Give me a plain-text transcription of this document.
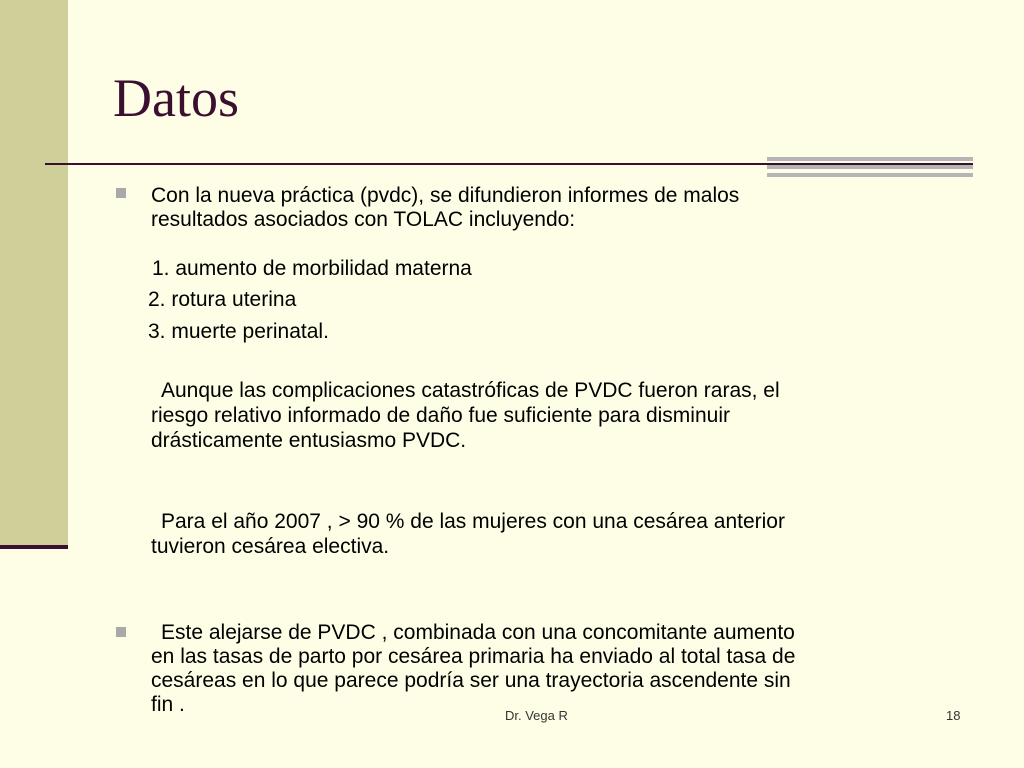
Datos

Con la nueva práctica (pvdc), se difundieron informes de malos

resultados asociados con TOLAC incluyendo:

1. aumento de morbilidad materna

2. rotura uterina

3. muerte perinatal.

Aunque las complicaciones catastróficas de PVDC fueron raras, el

riesgo relativo informado de daño fue suficiente para disminuir

drásticamente entusiasmo PVDC.

Para el año 2007 , > 90 % de las mujeres con una cesárea anterior

tuvieron cesárea electiva.

Este alejarse de PVDC , combinada con una concomitante aumento

en las tasas de parto por cesárea primaria ha enviado al total tasa de

cesáreas en lo que parece podría ser una trayectoria ascendente sin

fin .	Dr. Vega R	18
